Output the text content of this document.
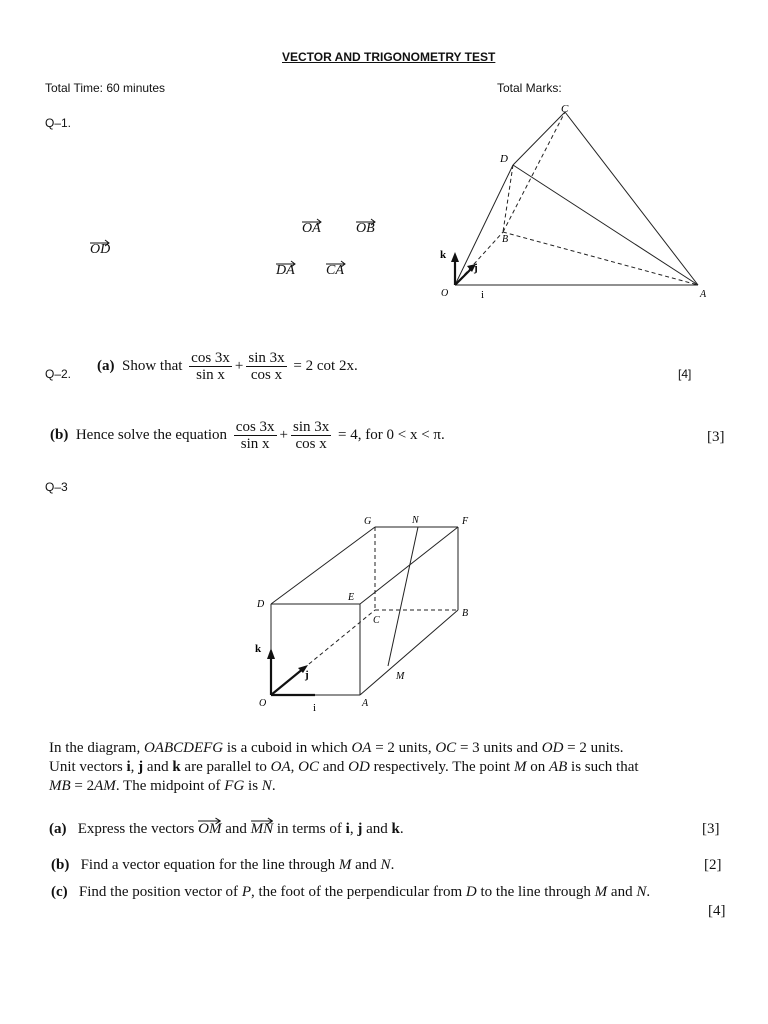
VECTOR AND TRIGONOMETRY TEST
Total Time: 60 minutes	Total Marks:
Q–1.
OA	OB
OD
DA CA
C
D
B
O	A
i
j
k
Q–2.
(a) Show that $\frac{\cos 3x}{\text{sin x}} + \frac{\sin 3x}{\text{cos x}} = 2$ cot 2x.
[4]
(b) Hence solve the equation $\frac{\cos 3x}{\text{sin x}} + \frac{\sin 3x}{\text{cos x}} = 4$, for 0 < x < π.	[3]
Q–3
G	N	F
D
E
C
B
k
j	M
O	i	A
In the diagram, OABCDEFG is a cuboid in which OA = 2 units, OC = 3 units and OD = 2 units.
Unit vectors i, j and k are parallel to OA, OC and OD respectively. The point M on AB is such that
MB = 2AM. The midpoint of FG is N.
(a) Express the vectors
OM and
MN in terms of i, j and k.	[3]
(b) Find a vector equation for the line through M and N.	[2]
(c) Find the position vector of P, the foot of the perpendicular from D to the line through M and N.
[4]
